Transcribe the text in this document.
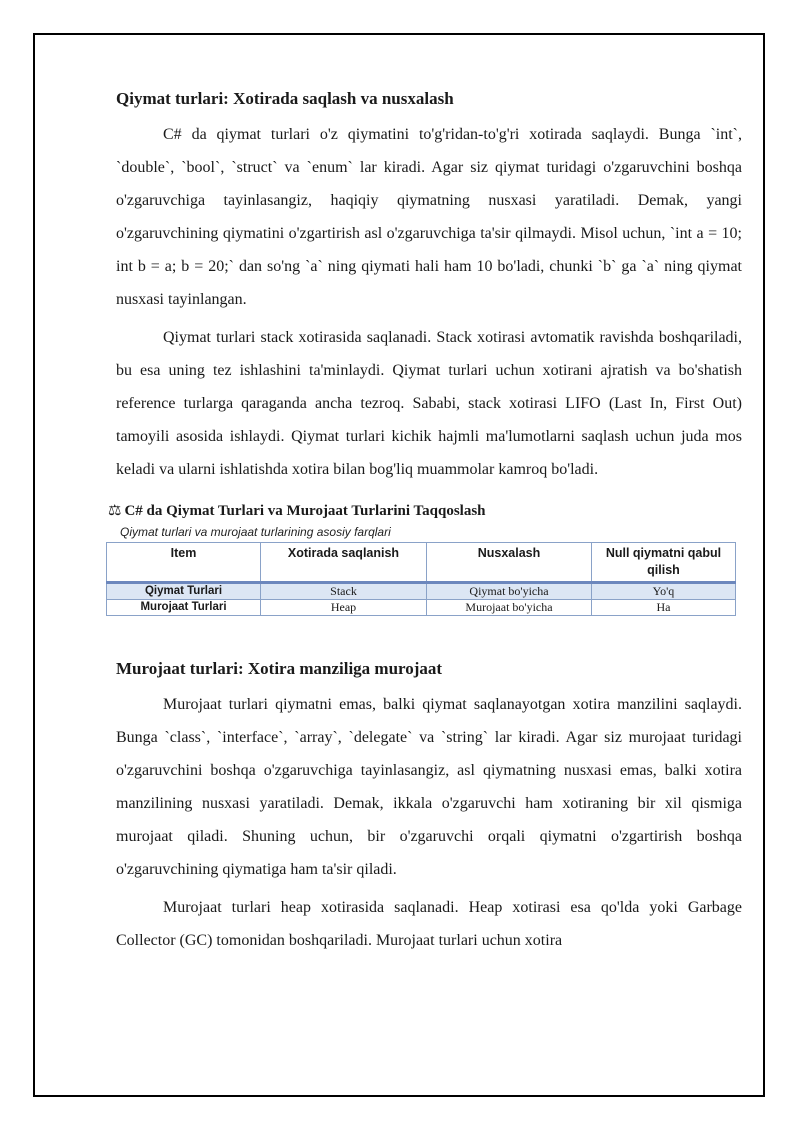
Qiymat turlari: Xotirada saqlash va nusxalash

C# da qiymat turlari o'z qiymatini to'g'ridan-to'g'ri xotirada saqlaydi. Bunga `int`, `double`, `bool`, `struct` va `enum` lar kiradi. Agar siz qiymat turidagi o'zgaruvchini boshqa o'zgaruvchiga tayinlasangiz, haqiqiy qiymatning nusxasi yaratiladi. Demak, yangi o'zgaruvchining qiymatini o'zgartirish asl o'zgaruvchiga ta'sir qilmaydi. Misol uchun, `int a = 10; int b = a; b = 20;` dan so'ng `a` ning qiymati hali ham 10 bo'ladi, chunki `b` ga `a` ning qiymat nusxasi tayinlangan.

Qiymat turlari stack xotirasida saqlanadi. Stack xotirasi avtomatik ravishda boshqariladi, bu esa uning tez ishlashini ta'minlaydi. Qiymat turlari uchun xotirani ajratish va bo'shatish reference turlarga qaraganda ancha tezroq. Sababi, stack xotirasi LIFO (Last In, First Out) tamoyili asosida ishlaydi. Qiymat turlari kichik hajmli ma'lumotlarni saqlash uchun juda mos keladi va ularni ishlatishda xotira bilan bog'liq muammolar kamroq bo'ladi.

⚖ C# da Qiymat Turlari va Murojaat Turlarini Taqqoslash

Qiymat turlari va murojaat turlarining asosiy farqlari

Item	Xotirada saqlanish	Nusxalash	Null qiymatni qabul qilish
Qiymat Turlari	Stack	Qiymat bo'yicha	Yo'q
Murojaat Turlari	Heap	Murojaat bo'yicha	Ha
Murojaat turlari: Xotira manziliga murojaat

Murojaat turlari qiymatni emas, balki qiymat saqlanayotgan xotira manzilini saqlaydi. Bunga `class`, `interface`, `array`, `delegate` va `string` lar kiradi. Agar siz murojaat turidagi o'zgaruvchini boshqa o'zgaruvchiga tayinlasangiz, asl qiymatning nusxasi emas, balki xotira manzilining nusxasi yaratiladi. Demak, ikkala o'zgaruvchi ham xotiraning bir xil qismiga murojaat qiladi. Shuning uchun, bir o'zgaruvchi orqali qiymatni o'zgartirish boshqa o'zgaruvchining qiymatiga ham ta'sir qiladi.

Murojaat turlari heap xotirasida saqlanadi. Heap xotirasi esa qo'lda yoki Garbage Collector (GC) tomonidan boshqariladi. Murojaat turlari uchun xotira
